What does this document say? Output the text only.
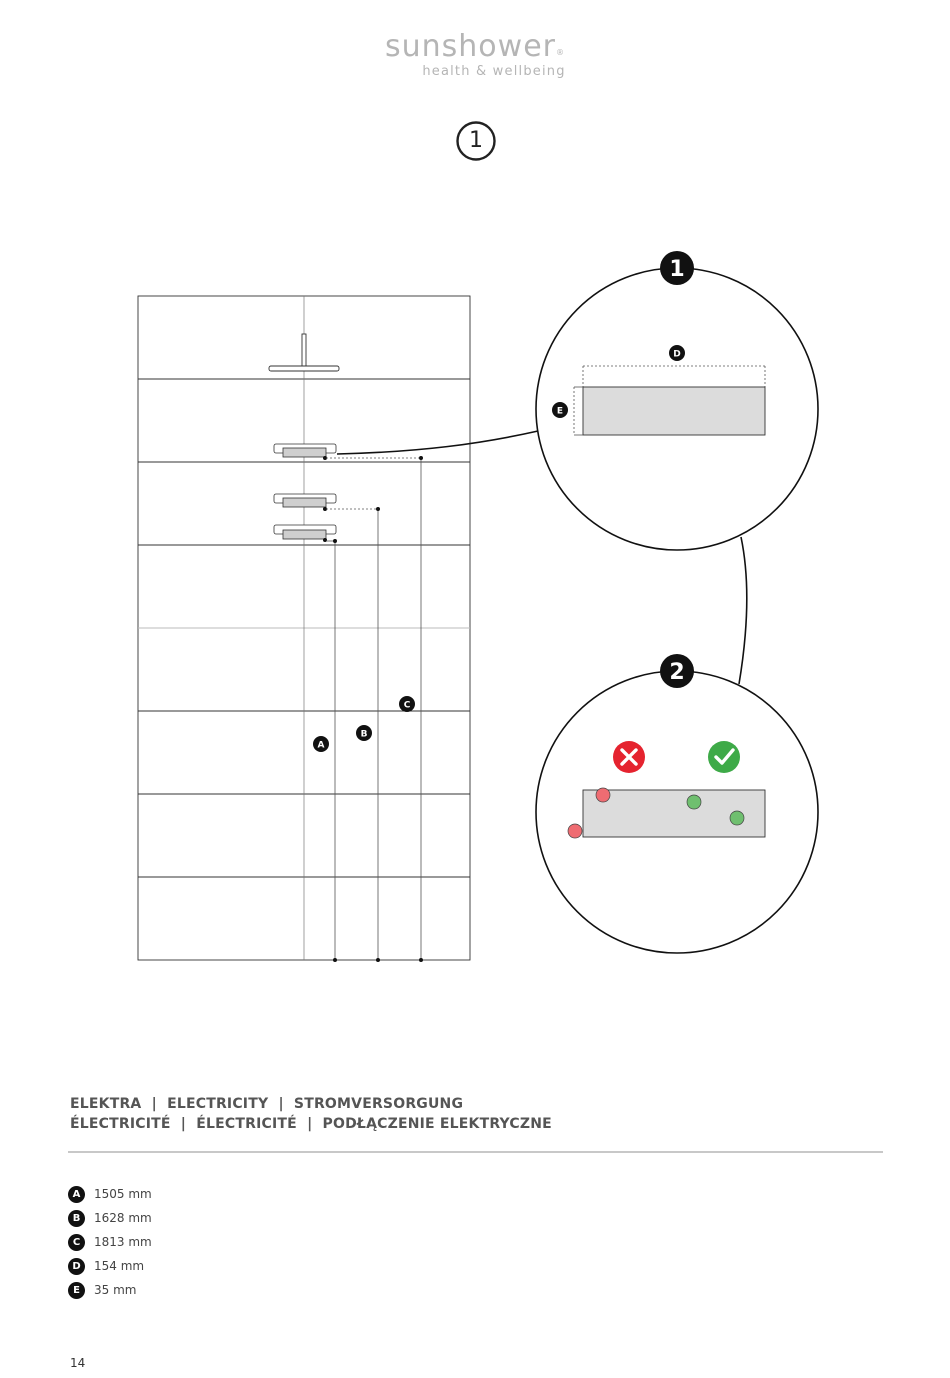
sunshower®
health & wellbeing
1
A
B
C
D
E
1
2
ELEKTRA  |  ELECTRICITY  |  STROMVERSORGUNG
ÉLECTRICITÉ  |  ÉLECTRICITÉ  |  PODŁĄCZENIE ELEKTRYCZNE
A	1505 mm
B	1628 mm
C	1813 mm
D	154 mm
E	35 mm
14
